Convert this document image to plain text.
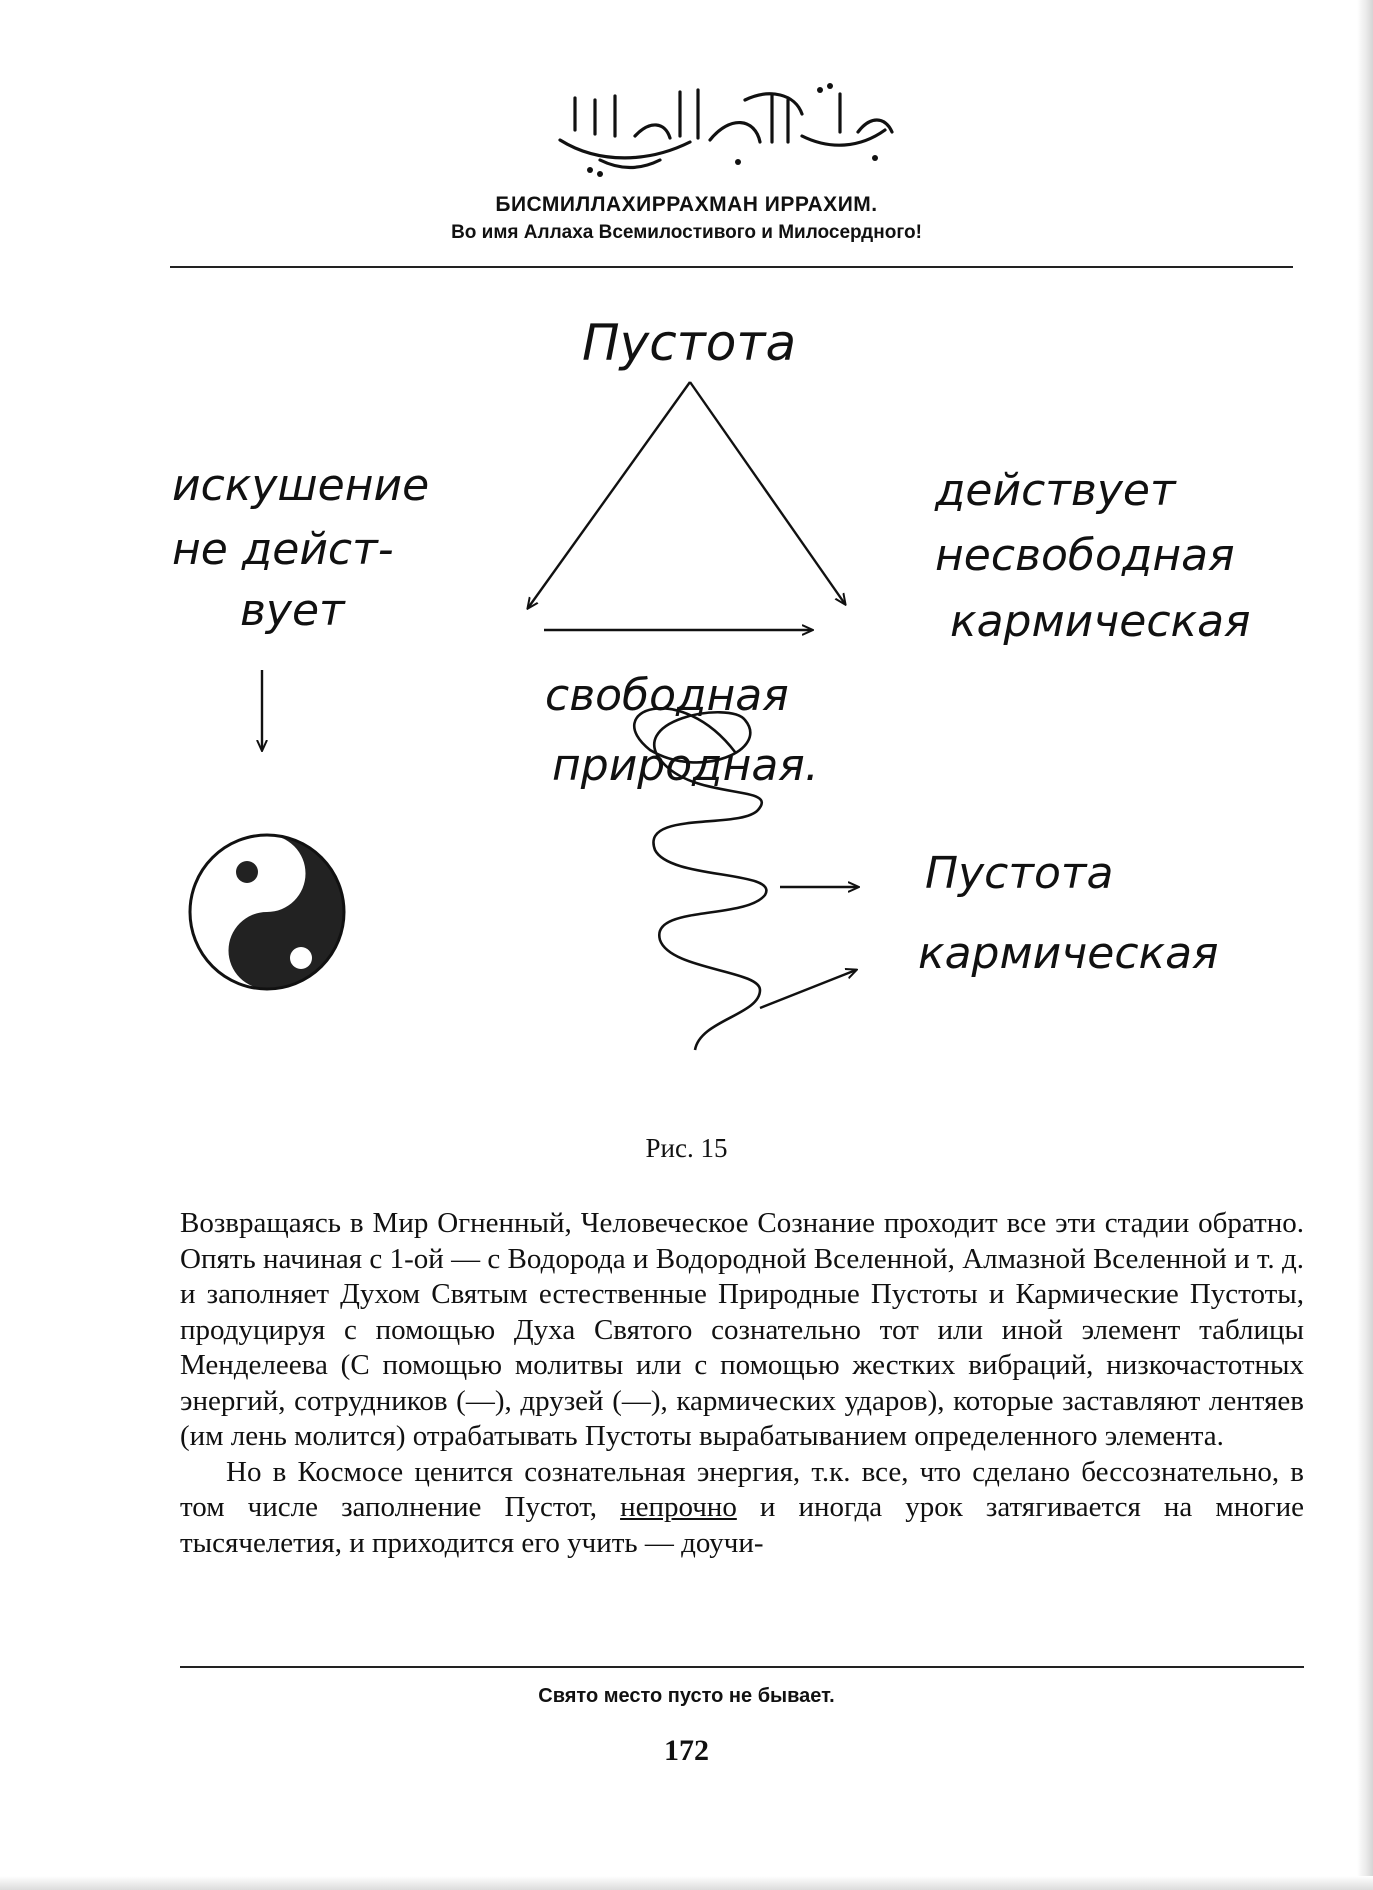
БИСМИЛЛАХИРРАХМАН ИРРАХИМ.
Во имя Аллаха Всемилостивого и Милосердного!
Пустота
искушение
не дейст-
вует
действует
несвободная
кармическая
свободная
природная.
Пустота
кармическая
Рис. 15

Возвращаясь в Мир Огненный, Человеческое Сознание проходит все эти стадии обратно. Опять начиная с 1-ой — с Водорода и Водородной Вселенной, Алмазной Вселенной и т. д. и заполняет Духом Святым естественные Природные Пустоты и Кармические Пустоты, продуцируя с помощью Духа Святого сознательно тот или иной элемент таблицы Менделеева (С помощью молитвы или с помощью жестких вибраций, низкочастотных энергий, сотрудников (—), друзей (—), кармических ударов), которые заставляют лентяев (им лень молится) отрабатывать Пустоты вырабатыванием определенного элемента.

Но в Космосе ценится сознательная энергия, т.к. все, что сделано бессознательно, в том числе заполнение Пустот, непрочно и иногда урок затягивается на многие тысячелетия, и приходится его учить — доучи-

Свято место пусто не бывает.
172
